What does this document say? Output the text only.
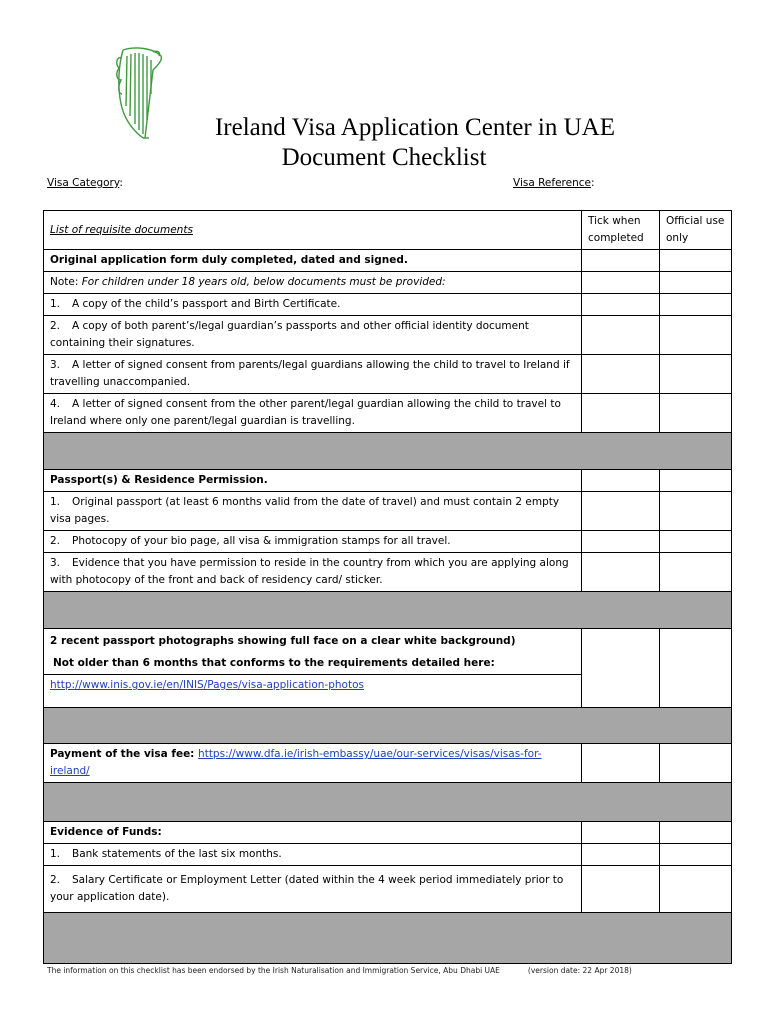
Ireland Visa Application Center in UAE
Document Checklist
Visa Category:	Visa Reference:
List of requisite documents	Tick when completed	Official use only
Original application form duly completed, dated and signed.		
Note: For children under 18 years old, below documents must be provided:		
1. A copy of the child’s passport and Birth Certificate.		
2. A copy of both parent’s/legal guardian’s passports and other official identity document containing their signatures.		
3. A letter of signed consent from parents/legal guardians allowing the child to travel to Ireland if travelling unaccompanied.		
4. A letter of signed consent from the other parent/legal guardian allowing the child to travel to Ireland where only one parent/legal guardian is travelling.		

Passport(s) & Residence Permission.		
1. Original passport (at least 6 months valid from the date of travel) and must contain 2 empty visa pages.		
2. Photocopy of your bio page, all visa & immigration stamps for all travel.		
3. Evidence that you have permission to reside in the country from which you are applying along with photocopy of the front and back of residency card/ sticker.		

2 recent passport photographs showing full face on a clear white background)
Not older than 6 months that conforms to the requirements detailed here:		

http://www.inis.gov.ie/en/INIS/Pages/visa-application-photos		

Payment of the visa fee: https://www.dfa.ie/irish-embassy/uae/our-services/visas/visas-for-ireland/		

Evidence of Funds:		
1. Bank statements of the last six months.		
2. Salary Certificate or Employment Letter (dated within the 4 week period immediately prior to your application date).		

The information on this checklist has been endorsed by the Irish Naturalisation and Immigration Service, Abu Dhabi UAE	(version date: 22 Apr 2018)
